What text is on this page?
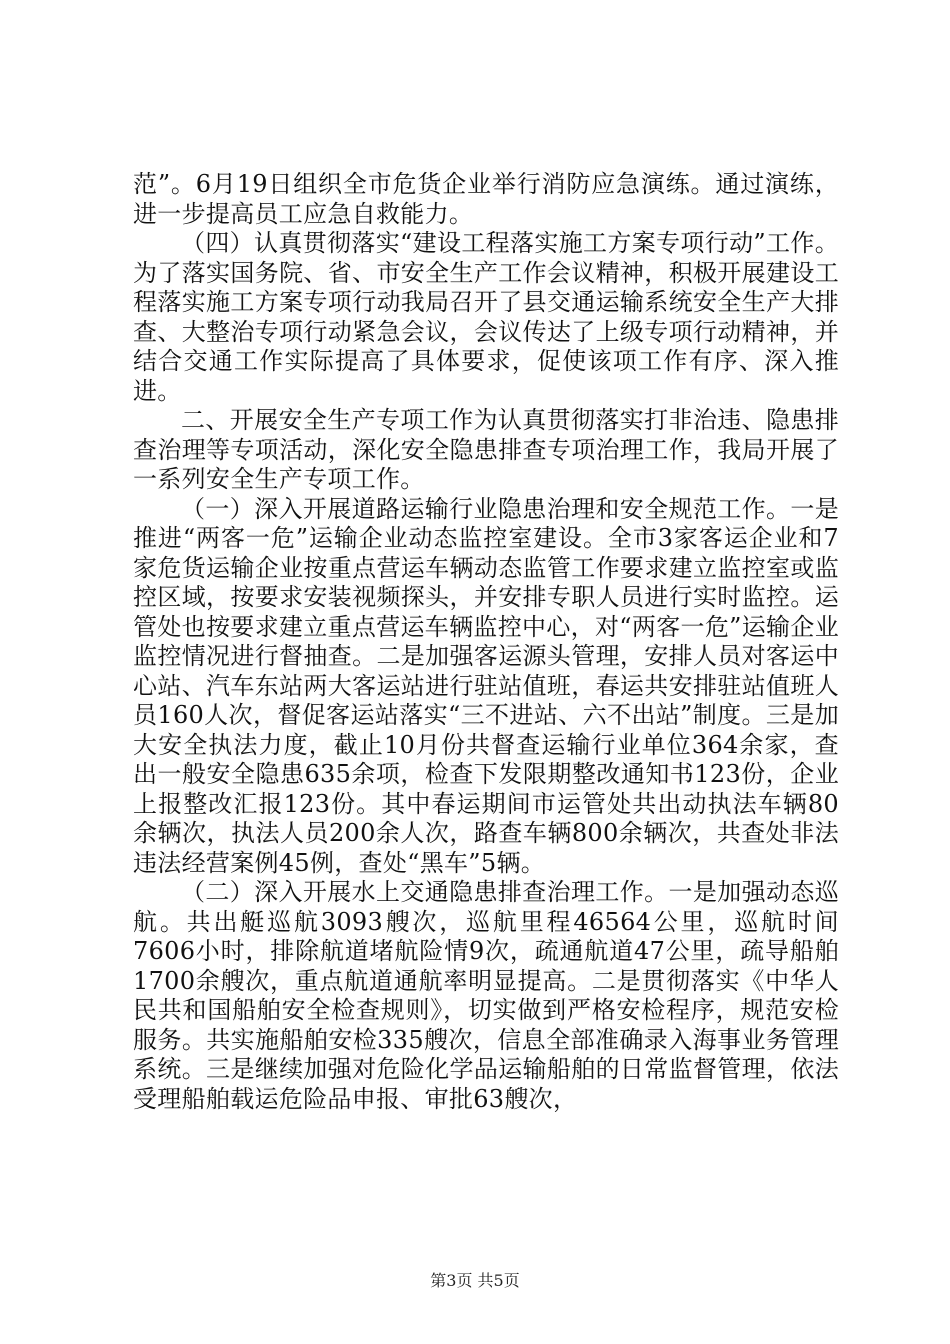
范”。6月19日组织全市危货企业举行消防应急演练。通过演练，进一步提高员工应急自救能力。

（四）认真贯彻落实“建设工程落实施工方案专项行动”工作。为了落实国务院、省、市安全生产工作会议精神，积极开展建设工程落实施工方案专项行动我局召开了县交通运输系统安全生产大排查、大整治专项行动紧急会议，会议传达了上级专项行动精神，并结合交通工作实际提高了具体要求，促使该项工作有序、深入推进。

二、开展安全生产专项工作为认真贯彻落实打非治违、隐患排查治理等专项活动，深化安全隐患排查专项治理工作，我局开展了一系列安全生产专项工作。

（一）深入开展道路运输行业隐患治理和安全规范工作。一是推进“两客一危”运输企业动态监控室建设。全市3家客运企业和7家危货运输企业按重点营运车辆动态监管工作要求建立监控室或监控区域，按要求安装视频探头，并安排专职人员进行实时监控。运管处也按要求建立重点营运车辆监控中心，对“两客一危”运输企业监控情况进行督抽查。二是加强客运源头管理，安排人员对客运中心站、汽车东站两大客运站进行驻站值班，春运共安排驻站值班人员160人次，督促客运站落实“三不进站、六不出站”制度。三是加大安全执法力度，截止10月份共督查运输行业单位364余家，查出一般安全隐患635余项，检查下发限期整改通知书123份，企业上报整改汇报123份。其中春运期间市运管处共出动执法车辆80余辆次，执法人员200余人次，路查车辆800余辆次，共查处非法违法经营案例45例，查处“黑车”5辆。

（二）深入开展水上交通隐患排查治理工作。一是加强动态巡航。共出艇巡航3093艘次，巡航里程46564公里，巡航时间7606小时，排除航道堵航险情9次，疏通航道47公里，疏导船舶1700余艘次，重点航道通航率明显提高。二是贯彻落实《中华人民共和国船舶安全检查规则》，切实做到严格安检程序，规范安检服务。共实施船舶安检335艘次，信息全部准确录入海事业务管理系统。三是继续加强对危险化学品运输船舶的日常监督管理，依法受理船舶载运危险品申报、审批63艘次，

第3页 共5页
